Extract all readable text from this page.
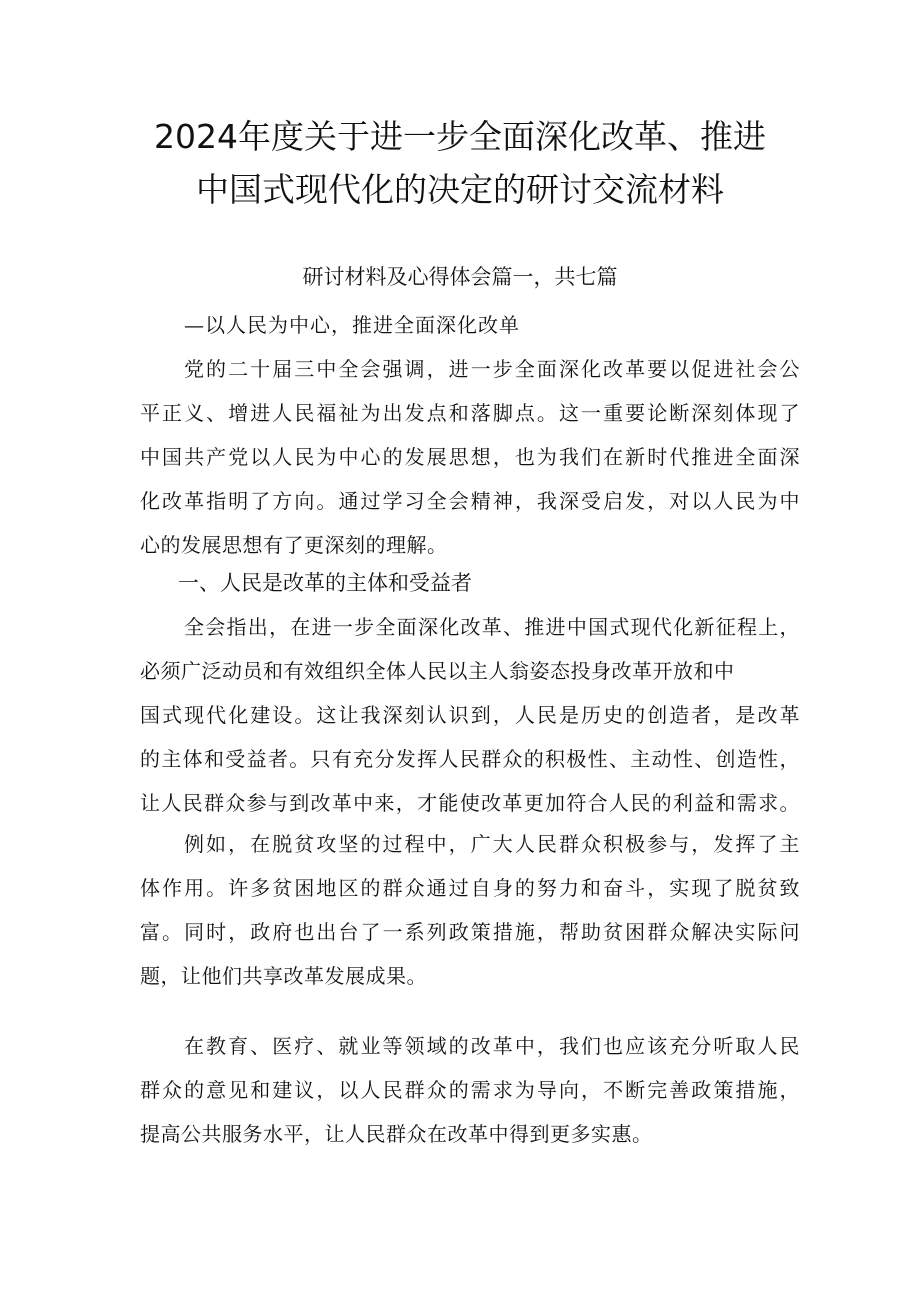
2024年度关于进一步全面深化改革、推进
中国式现代化的决定的研讨交流材料
研讨材料及心得体会篇一，共七篇
—以人民为中心，推进全面深化改单
党的二十届三中全会强调，进一步全面深化改革要以促进社会公
平正义、增进人民福祉为出发点和落脚点。这一重要论断深刻体现了
中国共产党以人民为中心的发展思想，也为我们在新时代推进全面深
化改革指明了方向。通过学习全会精神，我深受启发，对以人民为中
心的发展思想有了更深刻的理解。
一、人民是改革的主体和受益者
全会指出，在进一步全面深化改革、推进中国式现代化新征程上，
必须广泛动员和有效组织全体人民以主人翁姿态投身改革开放和中
国式现代化建设。这让我深刻认识到，人民是历史的创造者，是改革
的主体和受益者。只有充分发挥人民群众的积极性、主动性、创造性，
让人民群众参与到改革中来，才能使改革更加符合人民的利益和需求。
例如，在脱贫攻坚的过程中，广大人民群众积极参与，发挥了主
体作用。许多贫困地区的群众通过自身的努力和奋斗，实现了脱贫致
富。同时，政府也出台了一系列政策措施，帮助贫困群众解决实际问
题，让他们共享改革发展成果。
在教育、医疗、就业等领域的改革中，我们也应该充分听取人民
群众的意见和建议，以人民群众的需求为导向，不断完善政策措施，
提高公共服务水平，让人民群众在改革中得到更多实惠。
